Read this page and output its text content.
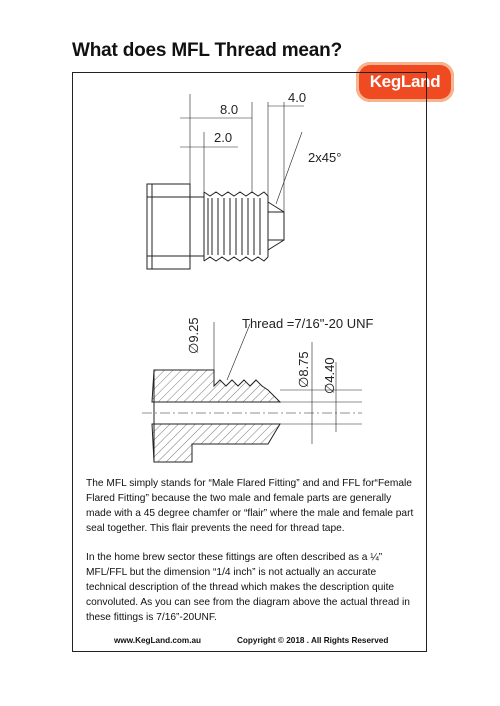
What does MFL Thread mean?
KegLand
8.0
4.0
2.0
2x45°
∅9.25
∅8.75 ∅4.40
Thread =7/16"-20 UNF

The MFL simply stands for “Male Flared Fitting” and and FFL for“Female Flared Fitting” because the two male and female parts are generally made with a 45 degree chamfer or “flair” where the male and female part seal together. This flair prevents the need for thread tape.

In the home brew sector these fittings are often described as a ¼” MFL/FFL but the dimension “1/4 inch” is not actually an accurate technical description of the thread which makes the description quite convoluted. As you can see from the diagram above the actual thread in these fittings is 7/16”-20UNF.

www.KegLand.com.au	Copyright © 2018 . All Rights Reserved
